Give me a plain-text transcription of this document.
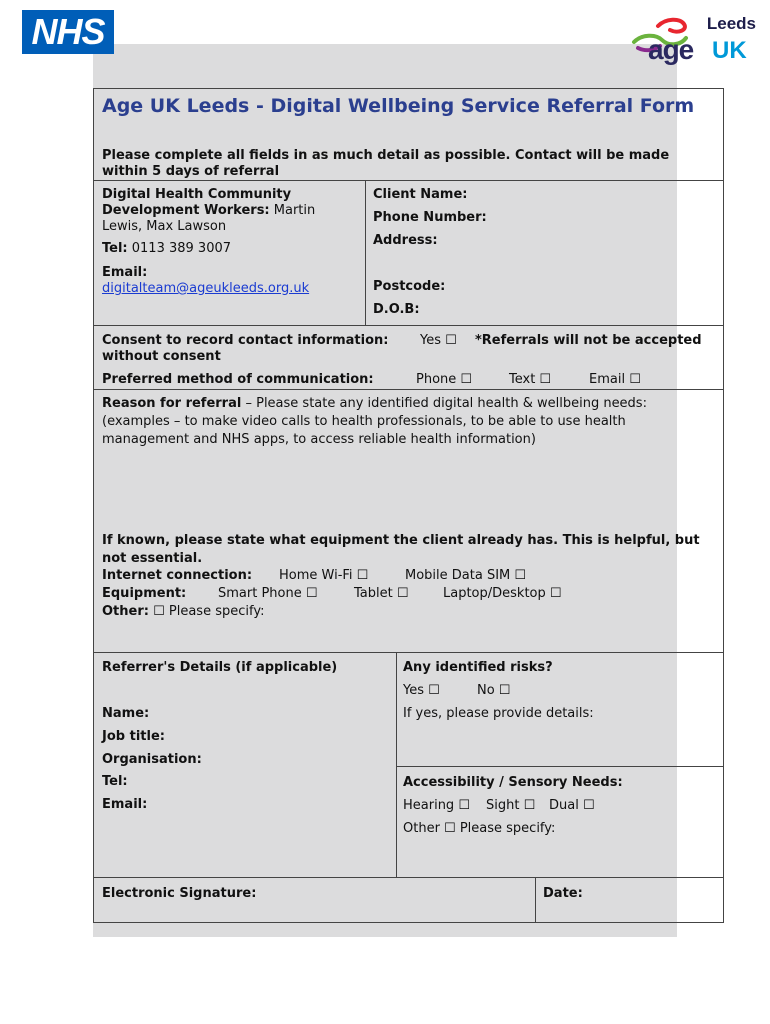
NHS	Leeds
age UK
Age UK Leeds - Digital Wellbeing Service Referral Form
Please complete all fields in as much detail as possible. Contact will be made within 5 days of referral
Digital Health Community Development Workers: Martin Lewis, Max Lawson
Tel: 0113 389 3007
Email:
digitalteam@ageukleeds.org.uk
Client Name:
Phone Number:
Address:
Postcode:
D.O.B:
Consent to record contact information: Yes ☐	*Referrals will not be accepted without consent
Preferred method of communication:	Phone ☐	Text ☐	Email ☐
Reason for referral – Please state any identified digital health & wellbeing needs: (examples – to make video calls to health professionals, to be able to use health management and NHS apps, to access reliable health information)
If known, please state what equipment the client already has. This is helpful, but not essential.
Internet connection: Home Wi-Fi ☐	Mobile Data SIM ☐
Equipment: Smart Phone ☐	Tablet ☐	Laptop/Desktop ☐
Other: ☐ Please specify:
Referrer's Details (if applicable)
Name:
Job title:
Organisation:
Tel:
Email:
Any identified risks?
Yes ☐	No ☐
If yes, please provide details:
Accessibility / Sensory Needs:
Hearing ☐ Sight ☐ Dual ☐
Other ☐ Please specify:
Electronic Signature:	Date:
